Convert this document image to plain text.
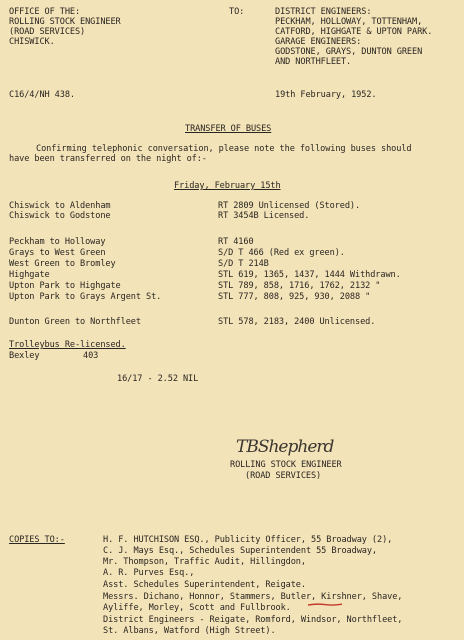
OFFICE OF THE:
ROLLING STOCK ENGINEER
(ROAD SERVICES)
CHISWICK.
TO:	DISTRICT ENGINEERS:
PECKHAM, HOLLOWAY, TOTTENHAM,
CATFORD, HIGHGATE & UPTON PARK.
GARAGE ENGINEERS:
GODSTONE, GRAYS, DUNTON GREEN
AND NORTHFLEET.
C16/4/NH 438.	19th February, 1952.
TRANSFER OF BUSES
Confirming telephonic conversation, please note the following buses should
have been transferred on the night of:-
Friday, February 15th
Chiswick to Aldenham	RT 2809 Unlicensed (Stored).
Chiswick to Godstone	RT 3454B Licensed.
Peckham to Holloway	RT 4160
Grays to West Green	S/D T 466 (Red ex green).
West Green to Bromley	S/D T 214B
Highgate	STL 619, 1365, 1437, 1444 Withdrawn.
Upton Park to Highgate	STL 789, 858, 1716, 1762, 2132 "
Upton Park to Grays Argent St.	STL 777, 808, 925, 930, 2088 "
Dunton Green to Northfleet	STL 578, 2183, 2400 Unlicensed.
Trolleybus Re-licensed.
Bexley	403
16/17 - 2.52 NIL
TBShepherd
ROLLING STOCK ENGINEER
(ROAD SERVICES)
COPIES TO:-	H. F. HUTCHISON ESQ., Publicity Officer, 55 Broadway (2),
C. J. Mays Esq., Schedules Superintendent 55 Broadway,
Mr. Thompson, Traffic Audit, Hillingdon,
A. R. Purves Esq.,
Asst. Schedules Superintendent, Reigate.
Messrs. Dichano, Honnor, Stammers, Butler, Kirshner, Shave,
Ayliffe, Morley, Scott and Fullbrook.
District Engineers - Reigate, Romford, Windsor, Northfleet,
St. Albans, Watford (High Street).
